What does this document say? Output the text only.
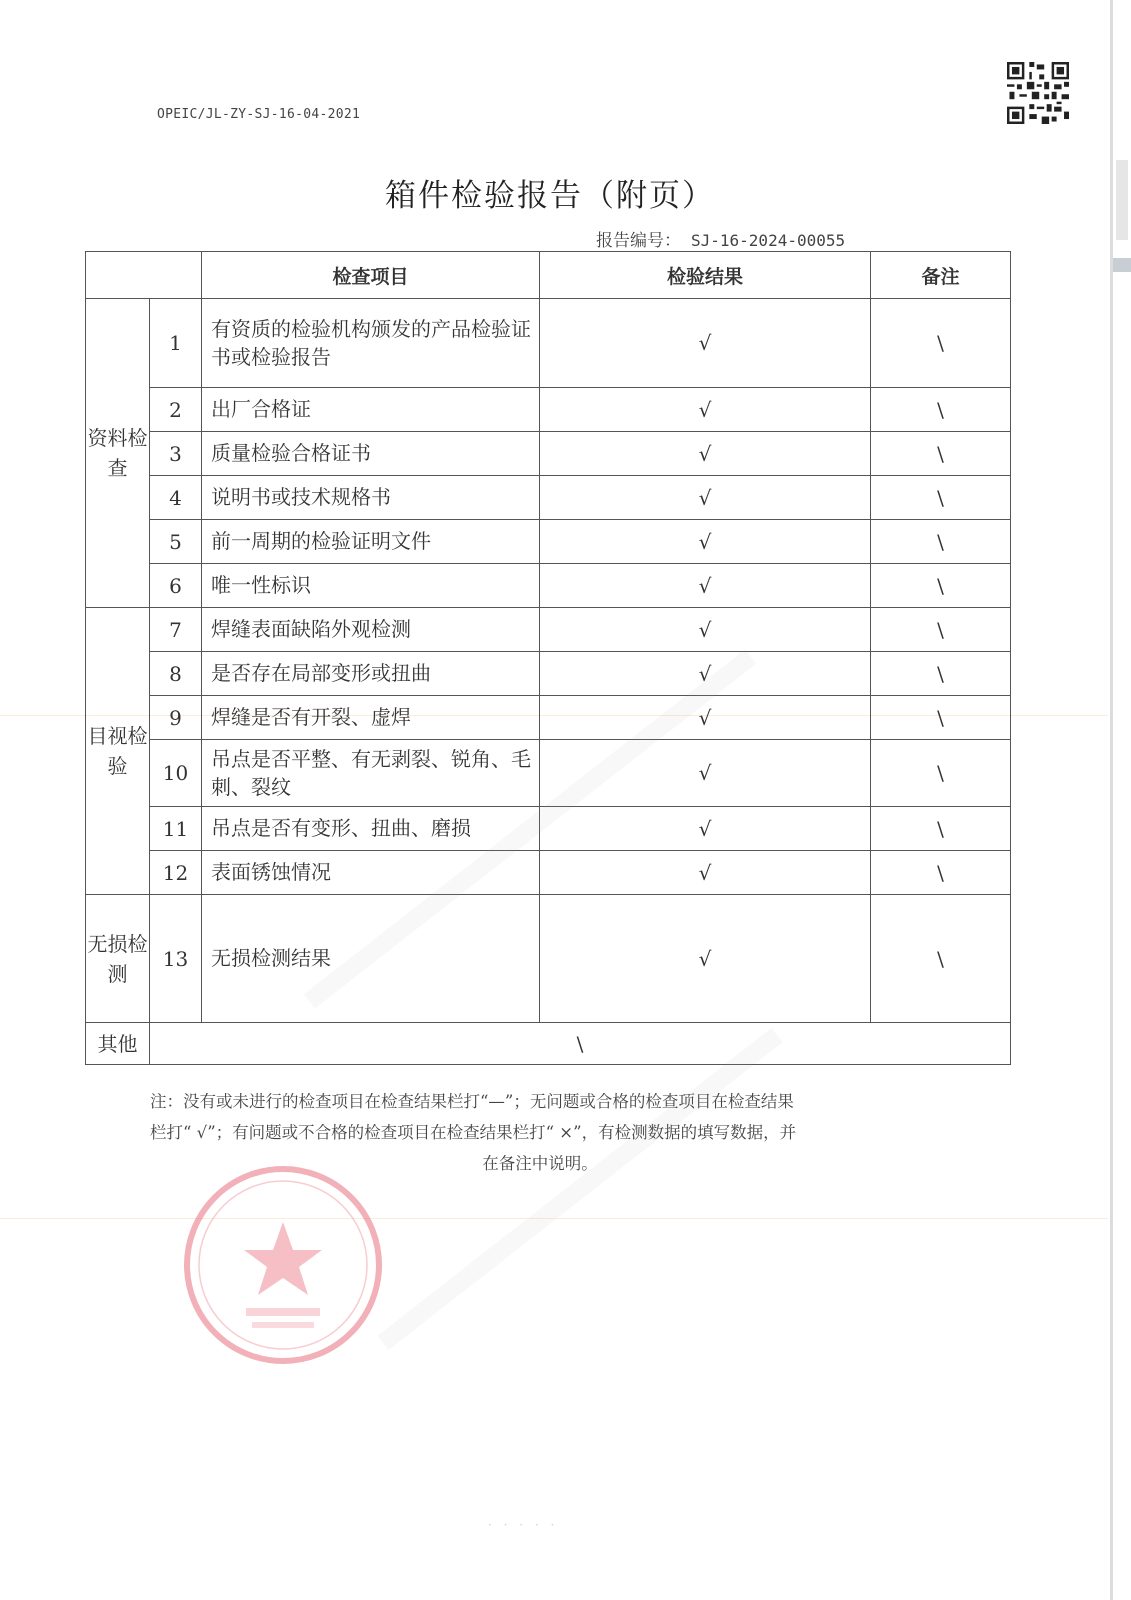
OPEIC/JL-ZY-SJ-16-04-2021
箱件检验报告（附页）
报告编号： SJ-16-2024-00055
		检查项目	检验结果	备注
资料检查	1	有资质的检验机构颁发的产品检验证书或检验报告	√	\
	2	出厂合格证	√	\
	3	质量检验合格证书	√	\
	4	说明书或技术规格书	√	\
	5	前一周期的检验证明文件	√	\
	6	唯一性标识	√	\
目视检验	7	焊缝表面缺陷外观检测	√	\
	8	是否存在局部变形或扭曲	√	\
	9	焊缝是否有开裂、虚焊	√	\
	10	吊点是否平整、有无剥裂、锐角、毛刺、裂纹	√	\
	11	吊点是否有变形、扭曲、磨损	√	\
	12	表面锈蚀情况	√	\
无损检测	13	无损检测结果	√	\
其他	\			
注：没有或未进行的检查项目在检查结果栏打“—”；无问题或合格的检查项目在检查结果
栏打“ √”；有问题或不合格的检查项目在检查结果栏打“ ×”，有检测数据的填写数据，并
在备注中说明。

· · · · ·
